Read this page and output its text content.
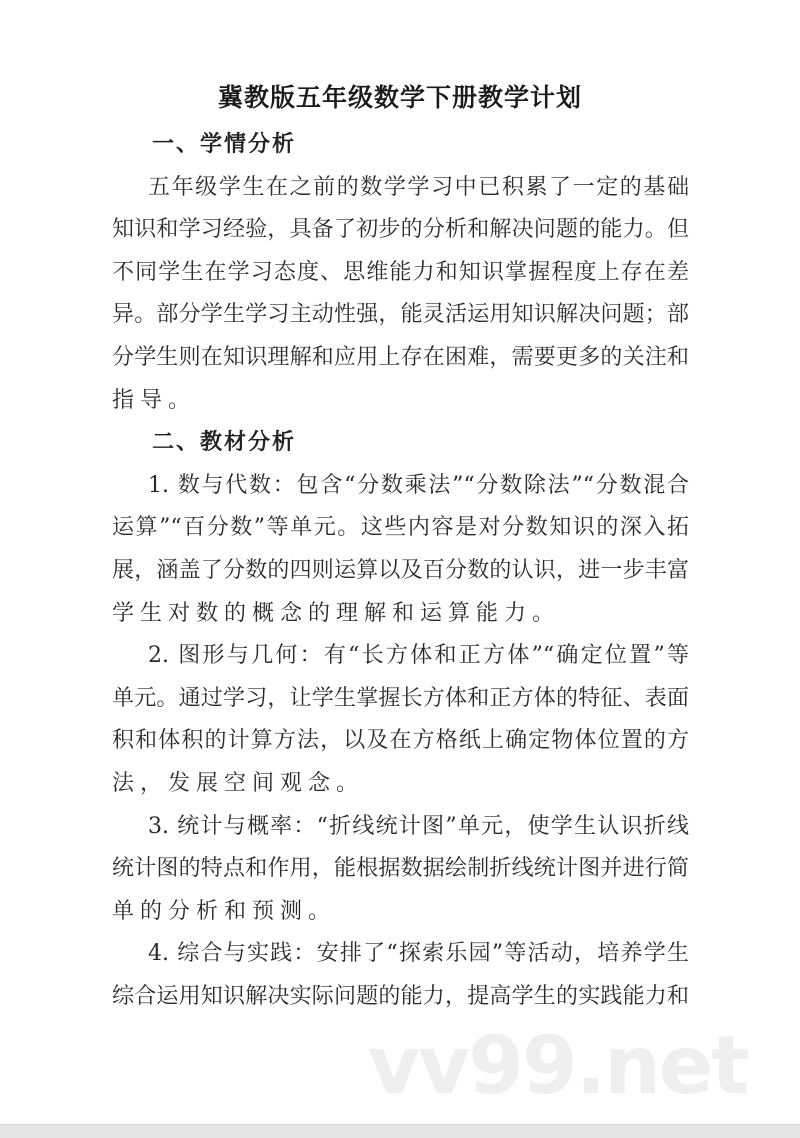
冀教版五年级数学下册教学计划
一、学情分析
五年级学生在之前的数学学习中已积累了一定的基础
知识和学习经验，具备了初步的分析和解决问题的能力。但
不同学生在学习态度、思维能力和知识掌握程度上存在差
异。部分学生学习主动性强，能灵活运用知识解决问题；部
分学生则在知识理解和应用上存在困难，需要更多的关注和
指导。
二、教材分析
1. 数与代数：包含“分数乘法”“分数除法”“分数混合
运算”“百分数”等单元。这些内容是对分数知识的深入拓
展，涵盖了分数的四则运算以及百分数的认识，进一步丰富
学生对数的概念的理解和运算能力。
2. 图形与几何：有“长方体和正方体”“确定位置”等
单元。通过学习，让学生掌握长方体和正方体的特征、表面
积和体积的计算方法，以及在方格纸上确定物体位置的方
法，发展空间观念。
3. 统计与概率：“折线统计图”单元，使学生认识折线
统计图的特点和作用，能根据数据绘制折线统计图并进行简
单的分析和预测。
4. 综合与实践：安排了“探索乐园”等活动，培养学生
综合运用知识解决实际问题的能力，提高学生的实践能力和
vv99.net
